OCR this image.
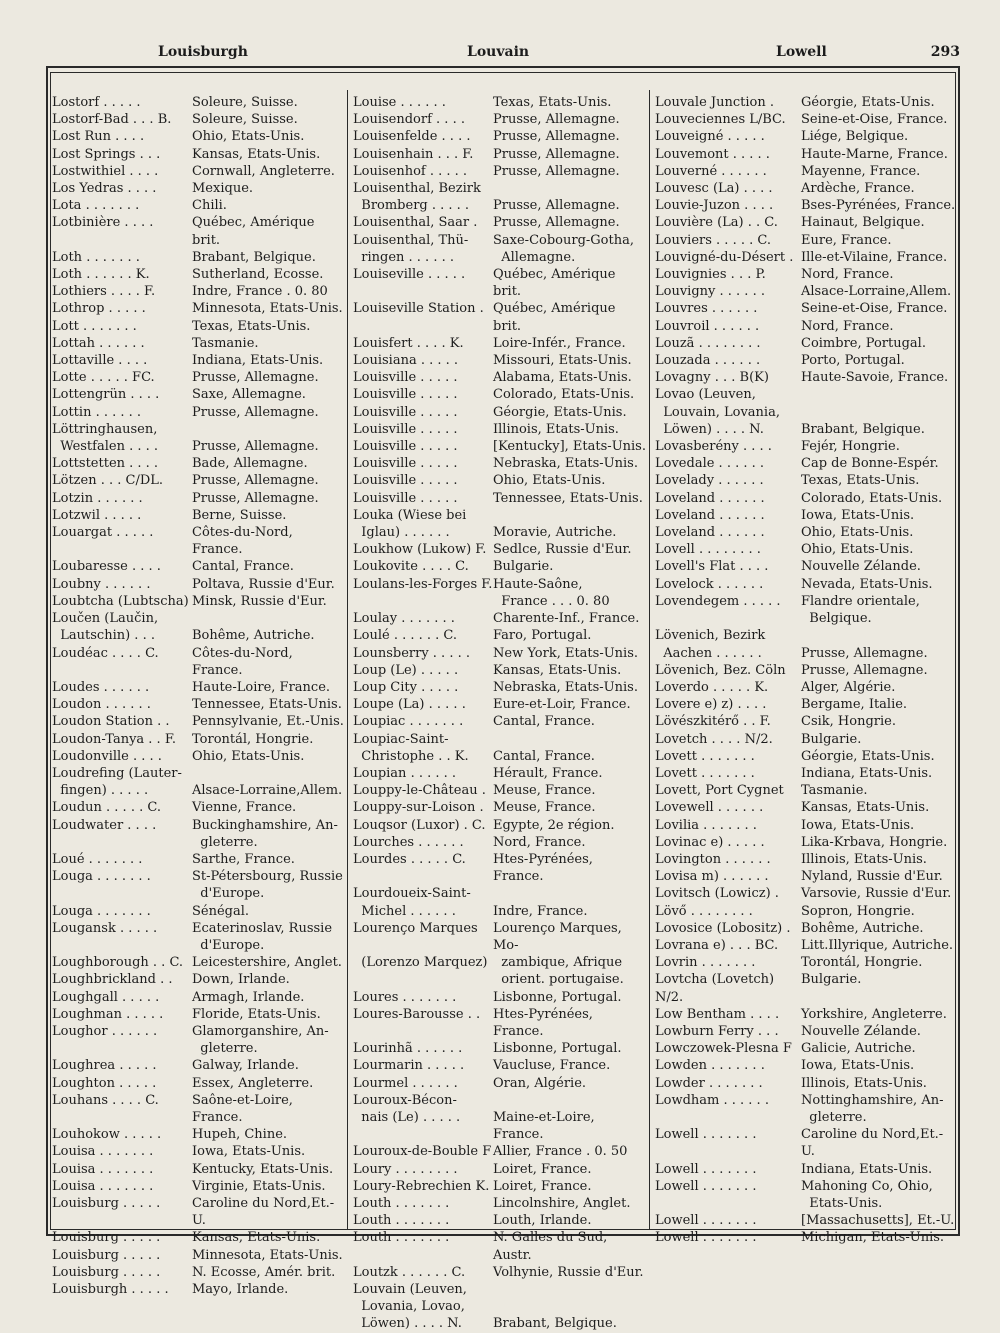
Louisburgh	Louvain	Lowell	293
Lostorf . . . . .	Soleure, Suisse.
Lostorf-Bad . . . B.	Soleure, Suisse.
Lost Run . . . .	Ohio, Etats-Unis.
Lost Springs . . .	Kansas, Etats-Unis.
Lostwithiel . . . .	Cornwall, Angleterre.
Los Yedras . . . .	Mexique.
Lota . . . . . . .	Chili.
Lotbinière . . . .	Québec, Amérique brit.
Loth . . . . . . .	Brabant, Belgique.
Loth . . . . . . K.	Sutherland, Ecosse.
Lothiers . . . . F.	Indre, France . 0. 80
Lothrop . . . . .	Minnesota, Etats-Unis.
Lott . . . . . . .	Texas, Etats-Unis.
Lottah . . . . . .	Tasmanie.
Lottaville . . . .	Indiana, Etats-Unis.
Lotte . . . . . FC.	Prusse, Allemagne.
Lottengrün . . . .	Saxe, Allemagne.
Lottin . . . . . .	Prusse, Allemagne.
Löttringhausen,
Westfalen . . . .	Prusse, Allemagne.
Lottstetten . . . .	Bade, Allemagne.
Lötzen . . . C/DL.	Prusse, Allemagne.
Lotzin . . . . . .	Prusse, Allemagne.
Lotzwil . . . . .	Berne, Suisse.
Louargat . . . . .	Côtes-du-Nord, France.
Loubaresse . . . .	Cantal, France.
Loubny . . . . . .	Poltava, Russie d'Eur.
Loubtcha (Lubtscha) Minsk, Russie d'Eur.
Loučen (Laučin,
Lautschin) . . .	Bohême, Autriche.
Loudéac . . . . C.	Côtes-du-Nord, France.
Loudes . . . . . .	Haute-Loire, France.
Loudon . . . . . .	Tennessee, Etats-Unis.
Loudon Station . .	Pennsylvanie, Et.-Unis.
Loudon-Tanya . . F.	Torontál, Hongrie.
Loudonville . . . .	Ohio, Etats-Unis.
Loudrefing (Lauter-
fingen) . . . . .	Alsace-Lorraine,Allem.
Loudun . . . . . C.	Vienne, France.
Loudwater . . . .	Buckinghamshire, An-
gleterre.
Loué . . . . . . .	Sarthe, France.
Louga . . . . . . .	St-Pétersbourg, Russie
d'Europe.
Louga . . . . . . .	Sénégal.
Lougansk . . . . .	Ecaterinoslav, Russie
d'Europe.
Loughborough . . C. Leicestershire, Anglet.
Loughbrickland . .	Down, Irlande.
Loughgall . . . . .	Armagh, Irlande.
Loughman . . . . .	Floride, Etats-Unis.
Loughor . . . . . .	Glamorganshire, An-
gleterre.
Loughrea . . . . .	Galway, Irlande.
Loughton . . . . .	Essex, Angleterre.
Louhans . . . . C.	Saône-et-Loire, France.
Louhokow . . . . .	Hupeh, Chine.
Louisa . . . . . . .	Iowa, Etats-Unis.
Louisa . . . . . . .	Kentucky, Etats-Unis.
Louisa . . . . . . .	Virginie, Etats-Unis.
Louisburg . . . . .	Caroline du Nord,Et.-U.
Louisburg . . . . .	Kansas, Etats-Unis.
Louisburg . . . . .	Minnesota, Etats-Unis.
Louisburg . . . . .	N. Ecosse, Amér. brit.
Louisburgh . . . . .	Mayo, Irlande.
Louise . . . . . .	Texas, Etats-Unis.
Louisendorf . . . .	Prusse, Allemagne.
Louisenfelde . . . .	Prusse, Allemagne.
Louisenhain . . . F.	Prusse, Allemagne.
Louisenhof . . . . .	Prusse, Allemagne.
Louisenthal, Bezirk
Bromberg . . . . .	Prusse, Allemagne.
Louisenthal, Saar .	Prusse, Allemagne.
Louisenthal, Thü-	Saxe-Cobourg-Gotha,
ringen . . . . . .	Allemagne.
Louiseville . . . . .	Québec, Amérique brit.
Louiseville Station . Québec, Amérique brit.
Louisfert . . . . K.	Loire-Infér., France.
Louisiana . . . . .	Missouri, Etats-Unis.
Louisville . . . . .	Alabama, Etats-Unis.
Louisville . . . . .	Colorado, Etats-Unis.
Louisville . . . . .	Géorgie, Etats-Unis.
Louisville . . . . .	Illinois, Etats-Unis.
Louisville . . . . .	[Kentucky], Etats-Unis.
Louisville . . . . .	Nebraska, Etats-Unis.
Louisville . . . . .	Ohio, Etats-Unis.
Louisville . . . . .	Tennessee, Etats-Unis.
Louka (Wiese bei
Iglau) . . . . . .	Moravie, Autriche.
Loukhow (Lukow) F. Sedlce, Russie d'Eur.
Loukovite . . . . C.	Bulgarie.
Loulans-les-Forges F. Haute-Saône,
France . . . 0. 80
Loulay . . . . . . .	Charente-Inf., France.
Loulé . . . . . . C.	Faro, Portugal.
Lounsberry . . . . .	New York, Etats-Unis.
Loup (Le) . . . . .	Kansas, Etats-Unis.
Loup City . . . . .	Nebraska, Etats-Unis.
Loupe (La) . . . . .	Eure-et-Loir, France.
Loupiac . . . . . . .	Cantal, France.
Loupiac-Saint-
Christophe . . K.	Cantal, France.
Loupian . . . . . .	Hérault, France.
Louppy-le-Château . Meuse, France.
Louppy-sur-Loison . Meuse, France.
Louqsor (Luxor) . C. Egypte, 2e région.
Lourches . . . . . .	Nord, France.
Lourdes . . . . . C.	Htes-Pyrénées, France.
Lourdoueix-Saint-
Michel . . . . . .	Indre, France.
Lourenço Marques	Lourenço Marques, Mo-
(Lorenzo Marquez) zambique, Afrique
orient. portugaise.
Loures . . . . . . .	Lisbonne, Portugal.
Loures-Barousse . . Htes-Pyrénées, France.
Lourinhã . . . . . .	Lisbonne, Portugal.
Lourmarin . . . . .	Vaucluse, France.
Lourmel . . . . . .	Oran, Algérie.
Louroux-Bécon-
nais (Le) . . . . .	Maine-et-Loire, France.
Louroux-de-Bouble F Allier, France . 0. 50
Loury . . . . . . . .	Loiret, France.
Loury-Rebrechien K. Loiret, France.
Louth . . . . . . .	Lincolnshire, Anglet.
Louth . . . . . . .	Louth, Irlande.
Louth . . . . . . .	N. Galles du Sud, Austr.
Loutzk . . . . . . C.	Volhynie, Russie d'Eur.
Louvain (Leuven,
Lovania, Lovao,
Löwen) . . . . N.	Brabant, Belgique.
Louvale Junction .	Géorgie, Etats-Unis.
Louveciennes L/BC.	Seine-et-Oise, France.
Louveigné . . . . .	Liége, Belgique.
Louvemont . . . . .	Haute-Marne, France.
Louverné . . . . . .	Mayenne, France.
Louvesc (La) . . . .	Ardèche, France.
Louvie-Juzon . . . .	Bses-Pyrénées, France.
Louvière (La) . . C.	Hainaut, Belgique.
Louviers . . . . . C.	Eure, France.
Louvigné-du-Désert . Ille-et-Vilaine, France.
Louvignies . . . P.	Nord, France.
Louvigny . . . . . .	Alsace-Lorraine,Allem.
Louvres . . . . . .	Seine-et-Oise, France.
Louvroil . . . . . .	Nord, France.
Louzã . . . . . . . .	Coimbre, Portugal.
Louzada . . . . . .	Porto, Portugal.
Lovagny . . . B(K)	Haute-Savoie, France.
Lovao (Leuven,
Louvain, Lovania,
Löwen) . . . . N.	Brabant, Belgique.
Lovasberény . . . .	Fejér, Hongrie.
Lovedale . . . . . .	Cap de Bonne-Espér.
Lovelady . . . . . .	Texas, Etats-Unis.
Loveland . . . . . .	Colorado, Etats-Unis.
Loveland . . . . . .	Iowa, Etats-Unis.
Loveland . . . . . .	Ohio, Etats-Unis.
Lovell . . . . . . . .	Ohio, Etats-Unis.
Lovell's Flat . . . .	Nouvelle Zélande.
Lovelock . . . . . .	Nevada, Etats-Unis.
Lovendegem . . . . .	Flandre orientale,
Belgique.
Lövenich, Bezirk
Aachen . . . . . .	Prusse, Allemagne.
Lövenich, Bez. Cöln	Prusse, Allemagne.
Loverdo . . . . . K.	Alger, Algérie.
Lovere e) z) . . . .	Bergame, Italie.
Lövészkitérő . . F.	Csik, Hongrie.
Lovetch . . . . N/2.	Bulgarie.
Lovett . . . . . . .	Géorgie, Etats-Unis.
Lovett . . . . . . .	Indiana, Etats-Unis.
Lovett, Port Cygnet	Tasmanie.
Lovewell . . . . . .	Kansas, Etats-Unis.
Lovilia . . . . . . .	Iowa, Etats-Unis.
Lovinac e) . . . . .	Lika-Krbava, Hongrie.
Lovington . . . . . .	Illinois, Etats-Unis.
Lovisa m) . . . . . .	Nyland, Russie d'Eur.
Lovitsch (Lowicz) .	Varsovie, Russie d'Eur.
Lövő . . . . . . . .	Sopron, Hongrie.
Lovosice (Lobositz) . Bohême, Autriche.
Lovrana e) . . . BC.	Litt.Illyrique, Autriche.
Lovrin . . . . . . .	Torontál, Hongrie.
Lovtcha (Lovetch) N/2.
Bulgarie.
Low Bentham . . . .	Yorkshire, Angleterre.
Lowburn Ferry . . .	Nouvelle Zélande.
Lowczowek-Plesna F Galicie, Autriche.
Lowden . . . . . . .	Iowa, Etats-Unis.
Lowder . . . . . . .	Illinois, Etats-Unis.
Lowdham . . . . . .	Nottinghamshire, An-
gleterre.
Lowell . . . . . . .	Caroline du Nord,Et.-U.
Lowell . . . . . . .	Indiana, Etats-Unis.
Lowell . . . . . . .	Mahoning Co, Ohio,
Etats-Unis.
Lowell . . . . . . .	[Massachusetts], Et.-U.
Lowell . . . . . . .	Michigan, Etats-Unis.
